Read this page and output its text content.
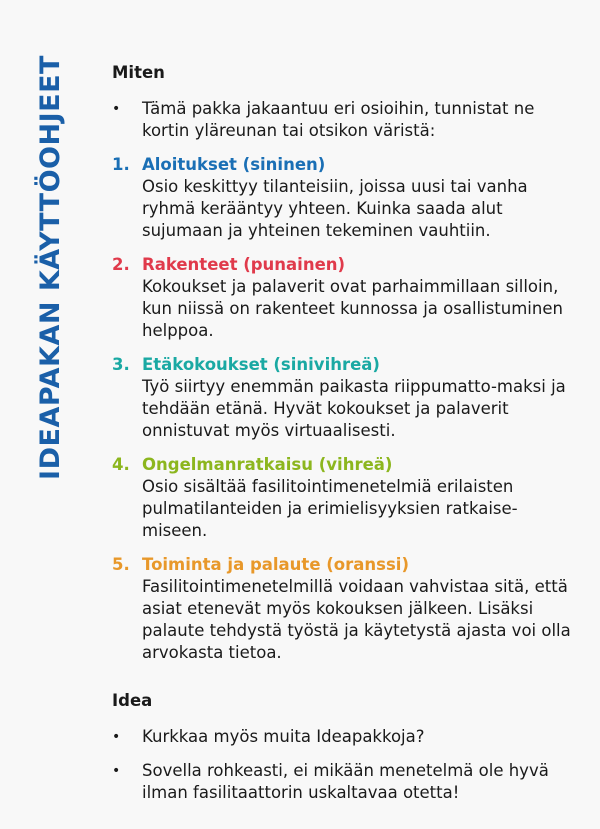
IDEAPAKAN KÄYTTÖOHJEET	Miten
• Tämä pakka jakaantuu eri osioihin, tunnistat ne kortin yläreunan tai otsikon väristä:
1. Aloitukset (sininen)
Osio keskittyy tilanteisiin, joissa uusi tai vanha ryhmä kerääntyy yhteen. Kuinka saada alut sujumaan ja yhteinen tekeminen vauhtiin.
2. Rakenteet (punainen)
Kokoukset ja palaverit ovat parhaimmillaan silloin, kun niissä on rakenteet kunnossa ja osallistuminen helppoa.
3. Etäkokoukset (sinivihreä)
Työ siirtyy enemmän paikasta riippumatto-maksi ja tehdään etänä. Hyvät kokoukset ja palaverit onnistuvat myös virtuaalisesti.
4. Ongelmanratkaisu (vihreä)
Osio sisältää fasilitointimenetelmiä erilaisten pulmatilanteiden ja erimielisyyksien ratkaise-miseen.
5. Toiminta ja palaute (oranssi)
Fasilitointimenetelmillä voidaan vahvistaa sitä, että asiat etenevät myös kokouksen jälkeen. Lisäksi palaute tehdystä työstä ja käytetystä ajasta voi olla arvokasta tietoa.
Idea
• Kurkkaa myös muita Ideapakkoja?
• Sovella rohkeasti, ei mikään menetelmä ole hyvä ilman fasilitaattorin uskaltavaa otetta!
